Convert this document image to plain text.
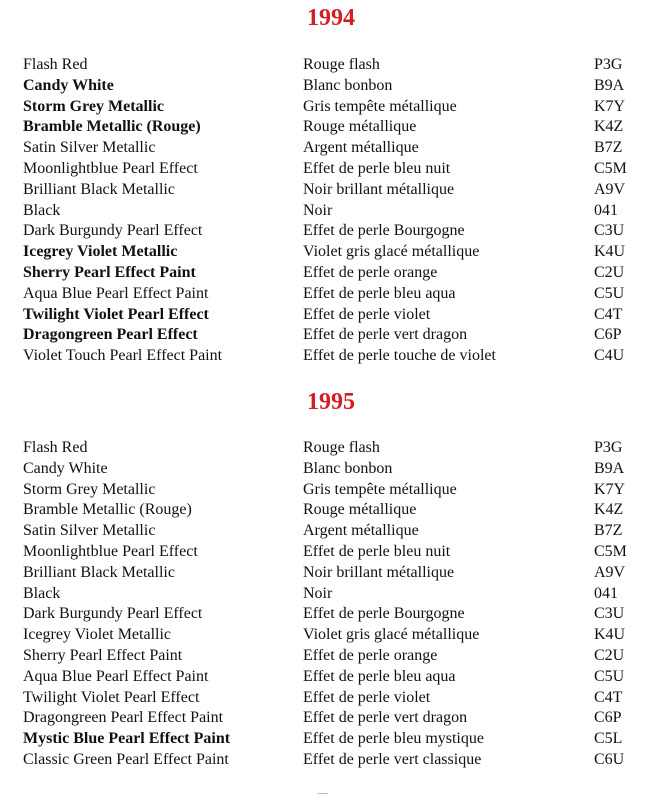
1994
Flash Red	Rouge flash	P3G
Candy White	Blanc bonbon	B9A
Storm Grey Metallic	Gris tempête métallique	K7Y
Bramble Metallic (Rouge)	Rouge métallique	K4Z
Satin Silver Metallic	Argent métallique	B7Z
Moonlightblue Pearl Effect	Effet de perle bleu nuit	C5M
Brilliant Black Metallic	Noir brillant métallique	A9V
Black	Noir	041
Dark Burgundy Pearl Effect	Effet de perle Bourgogne	C3U
Icegrey Violet Metallic	Violet gris glacé métallique	K4U
Sherry Pearl Effect Paint	Effet de perle orange	C2U
Aqua Blue Pearl Effect Paint	Effet de perle bleu aqua	C5U
Twilight Violet Pearl Effect	Effet de perle violet	C4T
Dragongreen Pearl Effect	Effet de perle vert dragon	C6P
Violet Touch Pearl Effect Paint	Effet de perle touche de violet	C4U
1995
Flash Red	Rouge flash	P3G
Candy White	Blanc bonbon	B9A
Storm Grey Metallic	Gris tempête métallique	K7Y
Bramble Metallic (Rouge)	Rouge métallique	K4Z
Satin Silver Metallic	Argent métallique	B7Z
Moonlightblue Pearl Effect	Effet de perle bleu nuit	C5M
Brilliant Black Metallic	Noir brillant métallique	A9V
Black	Noir	041
Dark Burgundy Pearl Effect	Effet de perle Bourgogne	C3U
Icegrey Violet Metallic	Violet gris glacé métallique	K4U
Sherry Pearl Effect Paint	Effet de perle orange	C2U
Aqua Blue Pearl Effect Paint	Effet de perle bleu aqua	C5U
Twilight Violet Pearl Effect	Effet de perle violet	C4T
Dragongreen Pearl Effect Paint	Effet de perle vert dragon	C6P
Mystic Blue Pearl Effect Paint	Effet de perle bleu mystique	C5L
Classic Green Pearl Effect Paint	Effet de perle vert classique	C6U
